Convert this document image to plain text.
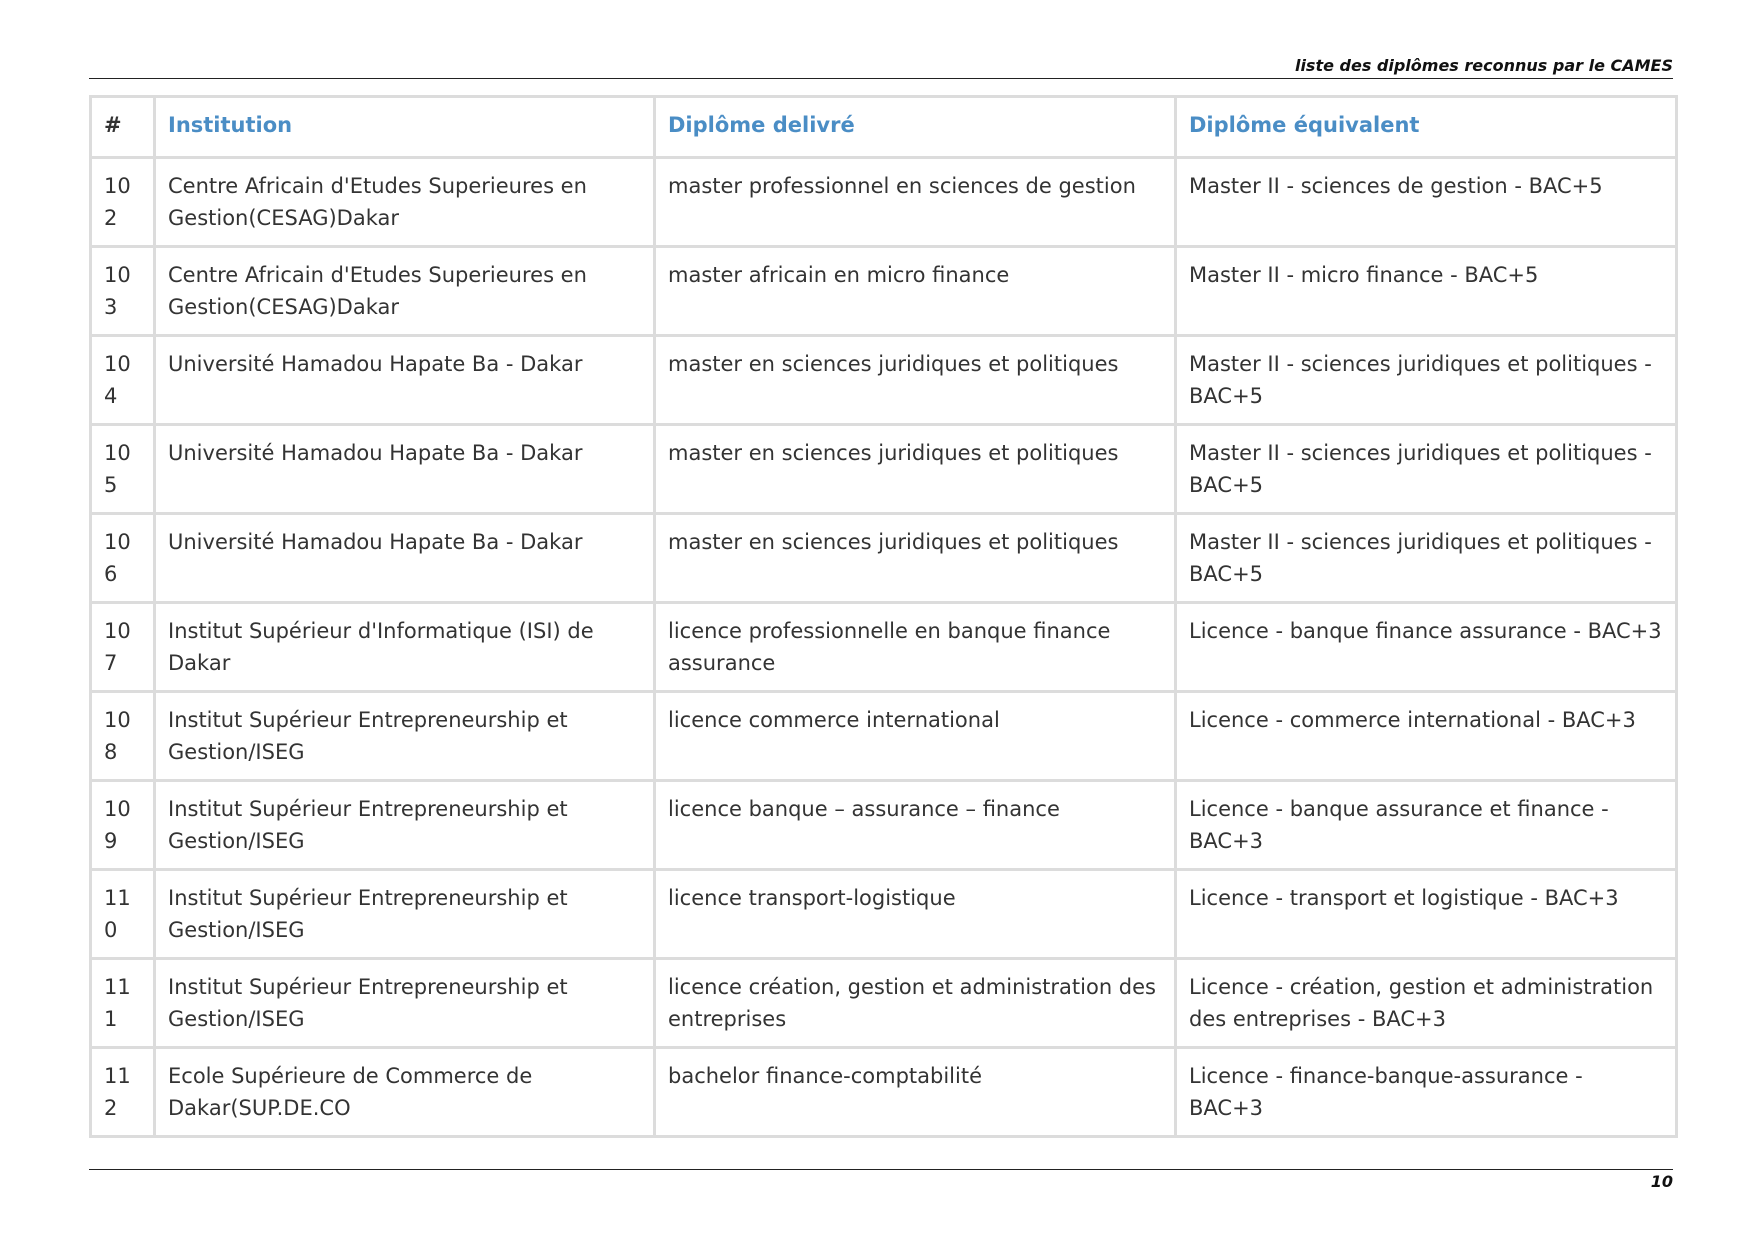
liste des diplômes reconnus par le CAMES
#	Institution	Diplôme delivré	Diplôme équivalent
102	Centre Africain d'Etudes Superieures en Gestion(CESAG)Dakar	master professionnel en sciences de gestion	Master II - sciences de gestion - BAC+5
103	Centre Africain d'Etudes Superieures en Gestion(CESAG)Dakar	master africain en micro finance	Master II - micro finance - BAC+5
104	Université Hamadou Hapate Ba - Dakar	master en sciences juridiques et politiques	Master II - sciences juridiques et politiques - BAC+5
105	Université Hamadou Hapate Ba - Dakar	master en sciences juridiques et politiques	Master II - sciences juridiques et politiques - BAC+5
106	Université Hamadou Hapate Ba - Dakar	master en sciences juridiques et politiques	Master II - sciences juridiques et politiques - BAC+5
107	Institut Supérieur d'Informatique (ISI) de Dakar	licence professionnelle en banque finance assurance	Licence - banque finance assurance - BAC+3
108	Institut Supérieur Entrepreneurship et Gestion/ISEG	licence commerce international	Licence - commerce international - BAC+3
109	Institut Supérieur Entrepreneurship et Gestion/ISEG	licence banque – assurance – finance	Licence - banque assurance et finance - BAC+3
110	Institut Supérieur Entrepreneurship et Gestion/ISEG	licence transport-logistique	Licence - transport et logistique - BAC+3
111	Institut Supérieur Entrepreneurship et Gestion/ISEG	licence création, gestion et administration des entreprises	Licence - création, gestion et administration des entreprises - BAC+3
112	Ecole Supérieure de Commerce de Dakar(SUP.DE.CO	bachelor finance-comptabilité	Licence - finance-banque-assurance - BAC+3
10
